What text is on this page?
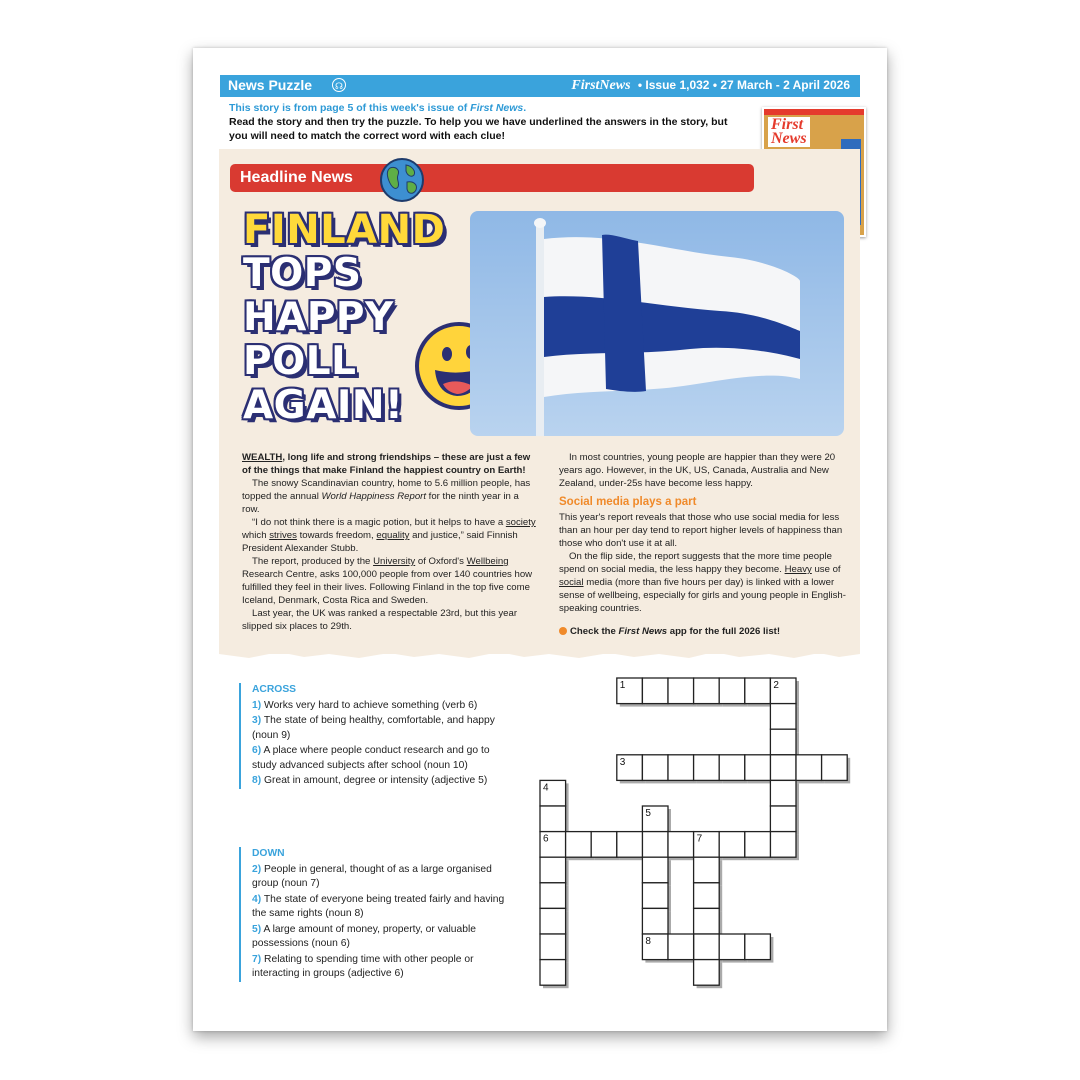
News Puzzle	☊	FirstNews • Issue 1,032 • 27 March - 2 April 2026
This story is from page 5 of this week's issue of First News.
Read the story and then try the puzzle. To help you we have underlined the answers in the story, but you will need to match the correct word with each clue!
First
News
Headline News
FINLAND
TOPS
HAPPY
POLL
AGAIN!

WEALTH, long life and strong friendships – these are just a few of the things that make Finland the happiest country on Earth!

The snowy Scandinavian country, home to 5.6 million people, has topped the annual World Happiness Report for the ninth year in a row.

“I do not think there is a magic potion, but it helps to have a society which strives towards freedom, equality and justice,” said Finnish President Alexander Stubb.

The report, produced by the University of Oxford's Wellbeing Research Centre, asks 100,000 people from over 140 countries how fulfilled they feel in their lives. Following Finland in the top five come Iceland, Denmark, Costa Rica and Sweden.

Last year, the UK was ranked a respectable 23rd, but this year slipped six places to 29th.

In most countries, young people are happier than they were 20 years ago. However, in the UK, US, Canada, Australia and New Zealand, under-25s have become less happy.

Social media plays a part

This year's report reveals that those who use social media for less than an hour per day tend to report higher levels of happiness than those who don't use it at all.

On the flip side, the report suggests that the more time people spend on social media, the less happy they become. Heavy use of social media (more than five hours per day) is linked with a lower sense of wellbeing, especially for girls and young people in English-speaking countries.

Check the First News app for the full 2026 list!

ACROSS
1) Works very hard to achieve something (verb 6)
3) The state of being healthy, comfortable, and happy (noun 9)
6) A place where people conduct research and go to study advanced subjects after school (noun 10)
8) Great in amount, degree or intensity (adjective 5)
DOWN
2) People in general, thought of as a large organised group (noun 7)
4) The state of everyone being treated fairly and having the same rights (noun 8)
5) A large amount of money, property, or valuable possessions (noun 6)
7) Relating to spending time with other people or interacting in groups (adjective 6)
1	2
3
4
6
5
8
7
